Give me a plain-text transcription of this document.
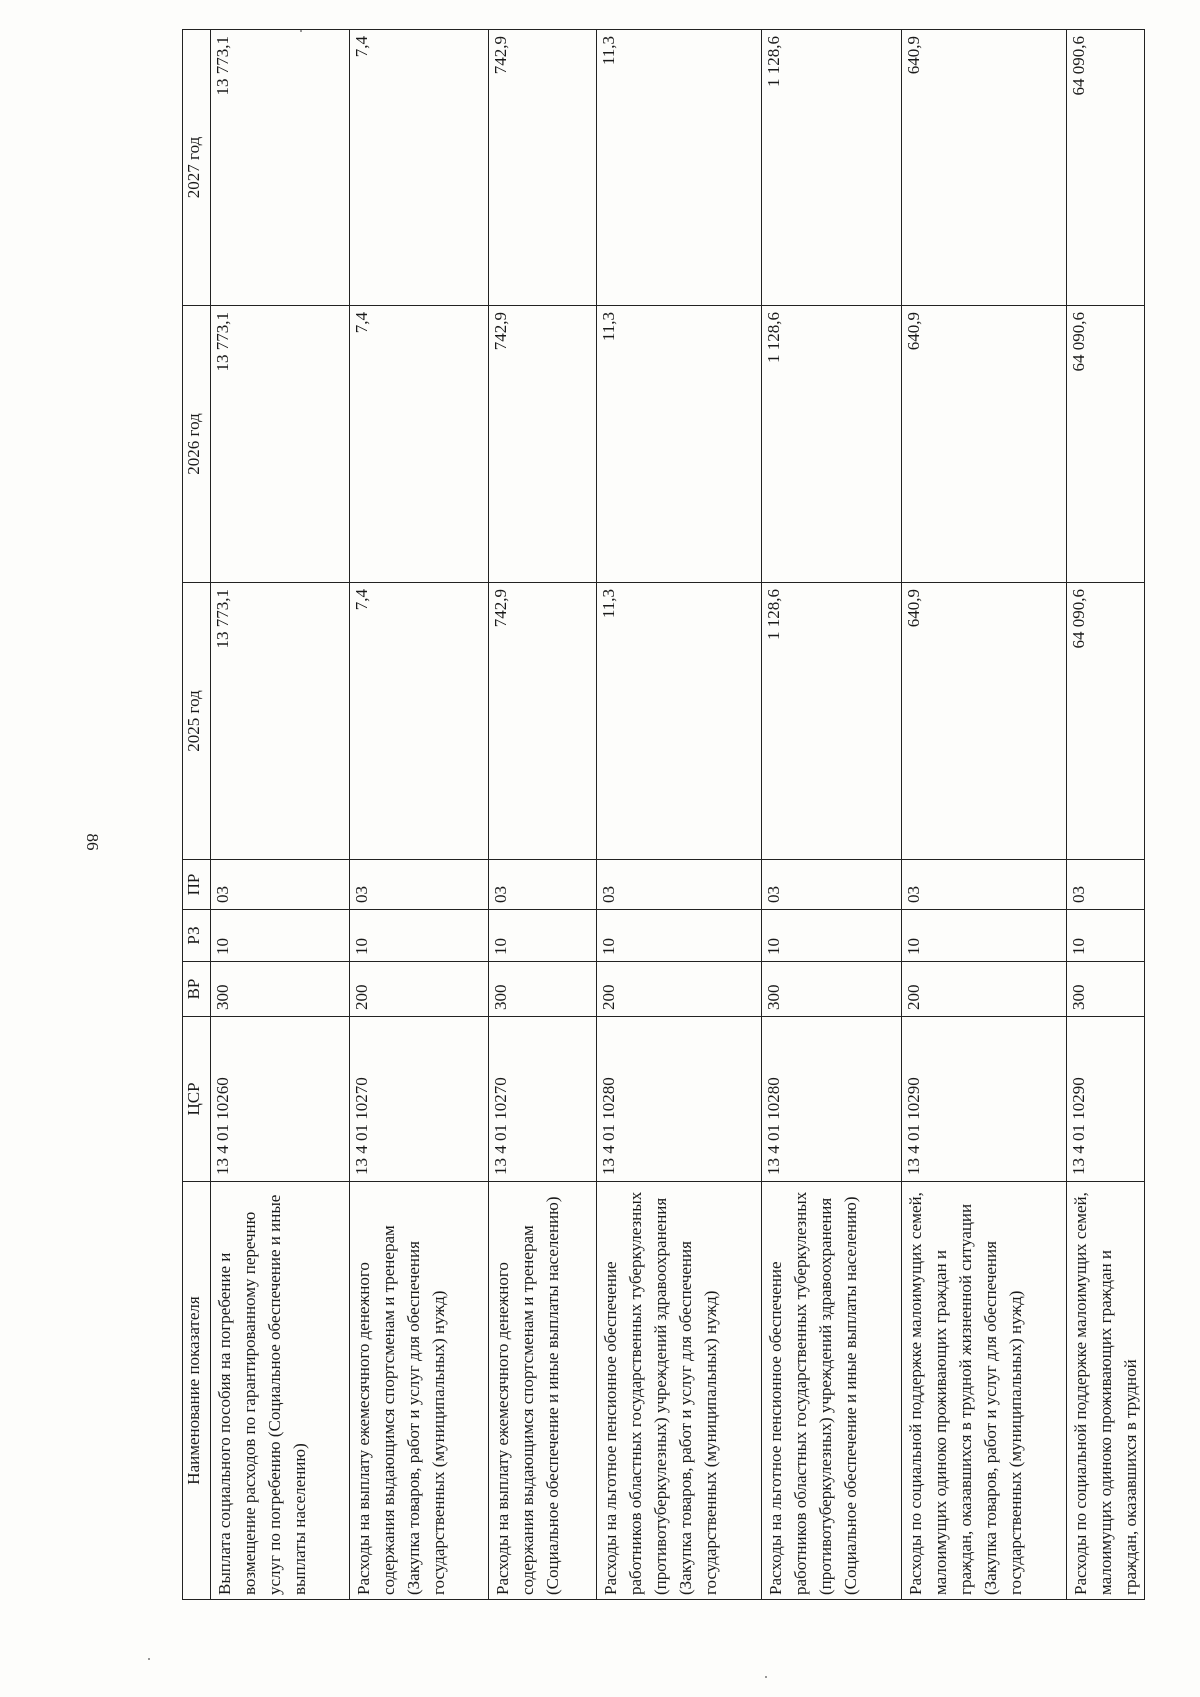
86
Наименование показателя	ЦСР	ВР	РЗ	ПР	2025 год	2026 год	2027 год
Выплата социального пособия на погребение и возмещение расходов по гарантированному перечню услуг по погребению (Социальное обеспечение и иные выплаты населению)	13 4 01 10260	300	10	03	13 773,1	13 773,1	13 773,1
Расходы на выплату ежемесячного денежного содержания выдающимся спортсменам и тренерам (Закупка товаров, работ и услуг для обеспечения государственных (муниципальных) нужд)	13 4 01 10270	200	10	03	7,4	7,4	7,4
Расходы на выплату ежемесячного денежного содержания выдающимся спортсменам и тренерам (Социальное обеспечение и иные выплаты населению)	13 4 01 10270	300	10	03	742,9	742,9	742,9
Расходы на льготное пенсионное обеспечение работников областных государственных туберкулезных (противотуберкулезных) учреждений здравоохранения (Закупка товаров, работ и услуг для обеспечения государственных (муниципальных) нужд)	13 4 01 10280	200	10	03	11,3	11,3	11,3
Расходы на льготное пенсионное обеспечение работников областных государственных туберкулезных (противотуберкулезных) учреждений здравоохранения (Социальное обеспечение и иные выплаты населению)	13 4 01 10280	300	10	03	1 128,6	1 128,6	1 128,6
Расходы по социальной поддержке малоимущих семей, малоимущих одиноко проживающих граждан и граждан, оказавшихся в трудной жизненной ситуации (Закупка товаров, работ и услуг для обеспечения государственных (муниципальных) нужд)	13 4 01 10290	200	10	03	640,9	640,9	640,9
Расходы по социальной поддержке малоимущих семей, малоимущих одиноко проживающих граждан и граждан, оказавшихся в трудной	13 4 01 10290	300	10	03	64 090,6	64 090,6	64 090,6
